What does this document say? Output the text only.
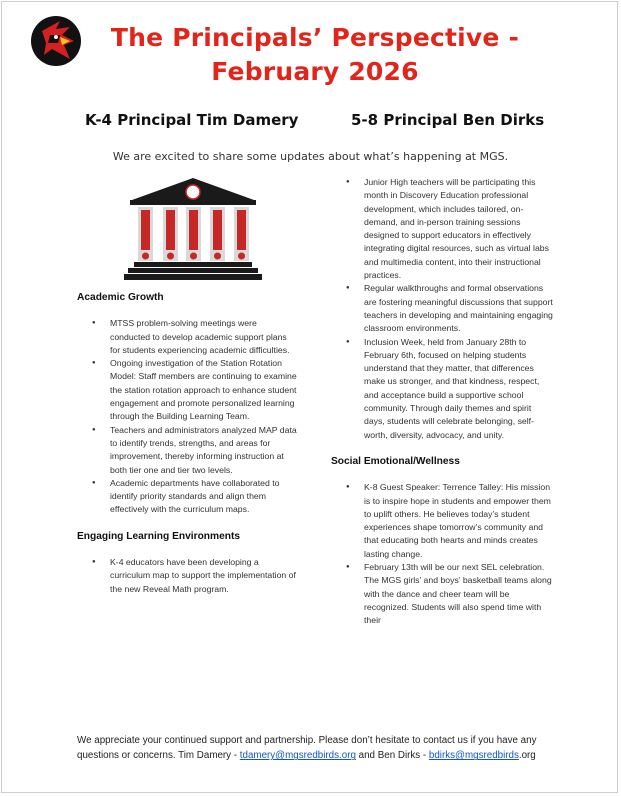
The Principals’ Perspective - February 2026
K-4 Principal Tim Damery	5-8 Principal Ben Dirks

We are excited to share some updates about what’s happening at MGS.

Academic Growth

● MTSS problem-solving meetings were conducted to develop academic support plans for students experiencing academic difficulties.
● Ongoing investigation of the Station Rotation Model: Staff members are continuing to examine the station rotation approach to enhance student engagement and promote personalized learning through the Building Learning Team.
● Teachers and administrators analyzed MAP data to identify trends, strengths, and areas for improvement, thereby informing instruction at both tier one and tier two levels.
● Academic departments have collaborated to identify priority standards and align them effectively with the curriculum maps.

Engaging Learning Environments

● K-4 educators have been developing a curriculum map to support the implementation of the new Reveal Math program.
● Junior High teachers will be participating this month in Discovery Education professional development, which includes tailored, on-demand, and in-person training sessions designed to support educators in effectively integrating digital resources, such as virtual labs and multimedia content, into their instructional practices.
● Regular walkthroughs and formal observations are fostering meaningful discussions that support teachers in developing and maintaining engaging classroom environments.
● Inclusion Week, held from January 28th to February 6th, focused on helping students understand that they matter, that differences make us stronger, and that kindness, respect, and acceptance build a supportive school community. Through daily themes and spirit days, students will celebrate belonging, self-worth, diversity, advocacy, and unity.

Social Emotional/Wellness

● K-8 Guest Speaker: Terrence Talley: His mission is to inspire hope in students and empower them to uplift others. He believes today’s student experiences shape tomorrow’s community and that educating both hearts and minds creates lasting change.
● February 13th will be our next SEL celebration. The MGS girls’ and boys’ basketball teams along with the dance and cheer team will be recognized. Students will also spend time with their

We appreciate your continued support and partnership. Please don’t hesitate to contact us if you have any questions or concerns. Tim Damery - tdamery@mgsredbirds.org and Ben Dirks - bdirks@mgsredbirds.org
